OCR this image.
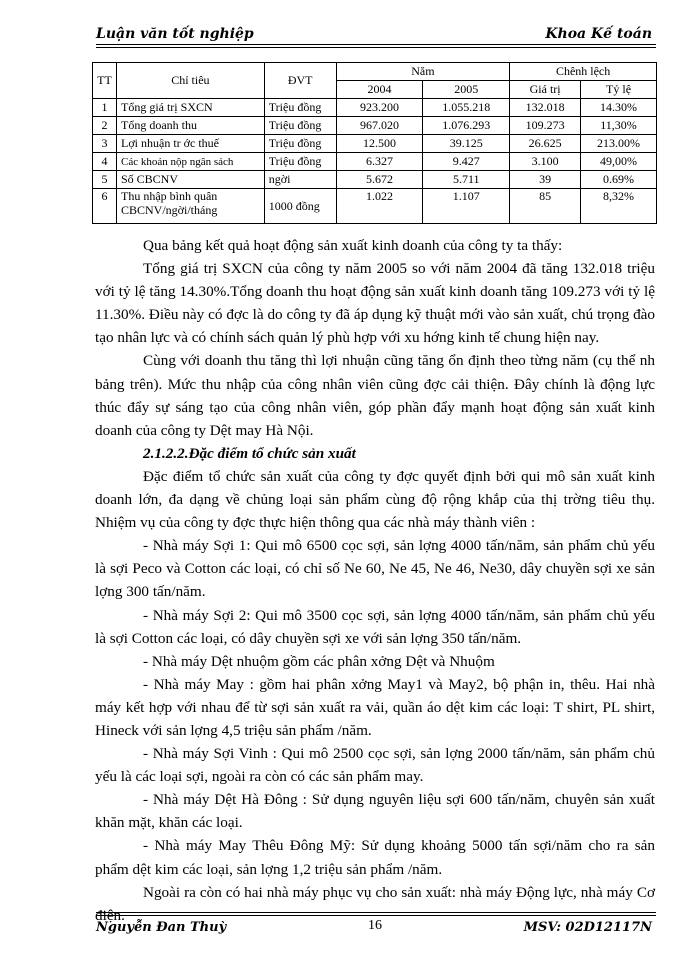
Luận văn tốt nghiệp	Khoa Kế toán
TT	Chỉ tiêu	ĐVT	Năm		Chênh lệch	
			2004	2005	Giá trị	Tỷ lệ
1	Tổng giá trị SXCN	Triệu đồng	923.200	1.055.218	132.018	14.30%
2	Tổng doanh thu	Triệu đồng	967.020	1.076.293	109.273	11,30%
3	Lợi nhuận tr ớc thuế	Triệu đồng	12.500	39.125	26.625	213.00%
4	Các khoản nộp ngân sách	Triệu đồng	6.327	9.427	3.100	49,00%
5	Số CBCNV	ngời	5.672	5.711	39	0.69%
6	Thu nhập bình quân CBCNV/ngời/tháng	1000 đồng	1.022	1.107	85	8,32%

Qua bảng kết quả hoạt động sản xuất kinh doanh của công ty ta thấy:

Tổng giá trị SXCN của công ty năm 2005 so với năm 2004 đã tăng 132.018 triệu với tỷ lệ tăng 14.30%.Tổng doanh thu hoạt động sản xuất kinh doanh tăng 109.273 với tỷ lệ 11.30%. Điều này có đợc là do công ty đã áp dụng kỹ thuật mới vào sản xuất, chú trọng đào tạo nhân lực và có chính sách quản lý phù hợp với xu hớng kinh tế chung hiện nay.

Cùng với doanh thu tăng thì lợi nhuận cũng tăng ổn định theo từng năm (cụ thể nh bảng trên). Mức thu nhập của công nhân viên cũng đợc cải thiện. Đây chính là động lực thúc đẩy sự sáng tạo của công nhân viên, góp phần đẩy mạnh hoạt động sản xuất kinh doanh của công ty Dệt may Hà Nội.

2.1.2.2.Đặc điểm tổ chức sản xuất

Đặc điểm tổ chức sản xuất của công ty đợc quyết định bởi qui mô sản xuất kinh doanh lớn, đa dạng về chủng loại sản phẩm cùng độ rộng khắp của thị trờng tiêu thụ. Nhiệm vụ của công ty đợc thực hiện thông qua các nhà máy thành viên :

- Nhà máy Sợi 1: Qui mô 6500 cọc sợi, sản lợng 4000 tấn/năm, sản phẩm chủ yếu là sợi Peco và Cotton các loại, có chỉ số Ne 60, Ne 45, Ne 46, Ne30, dây chuyền sợi xe sản lợng 300 tấn/năm.

- Nhà máy Sợi 2: Qui mô 3500 cọc sợi, sản lợng 4000 tấn/năm, sản phẩm chủ yếu là sợi Cotton các loại, có dây chuyền sợi xe với sản lợng 350 tấn/năm.

- Nhà máy Dệt nhuộm gồm các phân xởng Dệt và Nhuộm

- Nhà máy May : gồm hai phân xởng May1 và May2, bộ phận in, thêu. Hai nhà máy kết hợp với nhau để từ sợi sản xuất ra vải, quần áo dệt kim các loại: T shirt, PL shirt, Hineck với sản lợng 4,5 triệu sản phẩm /năm.

- Nhà máy Sợi Vinh : Qui mô 2500 cọc sợi, sản lợng 2000 tấn/năm, sản phẩm chủ yếu là các loại sợi, ngoài ra còn có các sản phẩm may.

- Nhà máy Dệt Hà Đông : Sử dụng nguyên liệu sợi 600 tấn/năm, chuyên sản xuất khăn mặt, khăn các loại.

- Nhà máy May Thêu Đông Mỹ: Sử dụng khoảng 5000 tấn sợi/năm cho ra sản phẩm dệt kim các loại, sản lợng 1,2 triệu sản phẩm /năm.

Ngoài ra còn có hai nhà máy phục vụ cho sản xuất: nhà máy Động lực, nhà máy Cơ điện.

Nguyễn Đan Thuỳ	16	MSV: 02D12117N
